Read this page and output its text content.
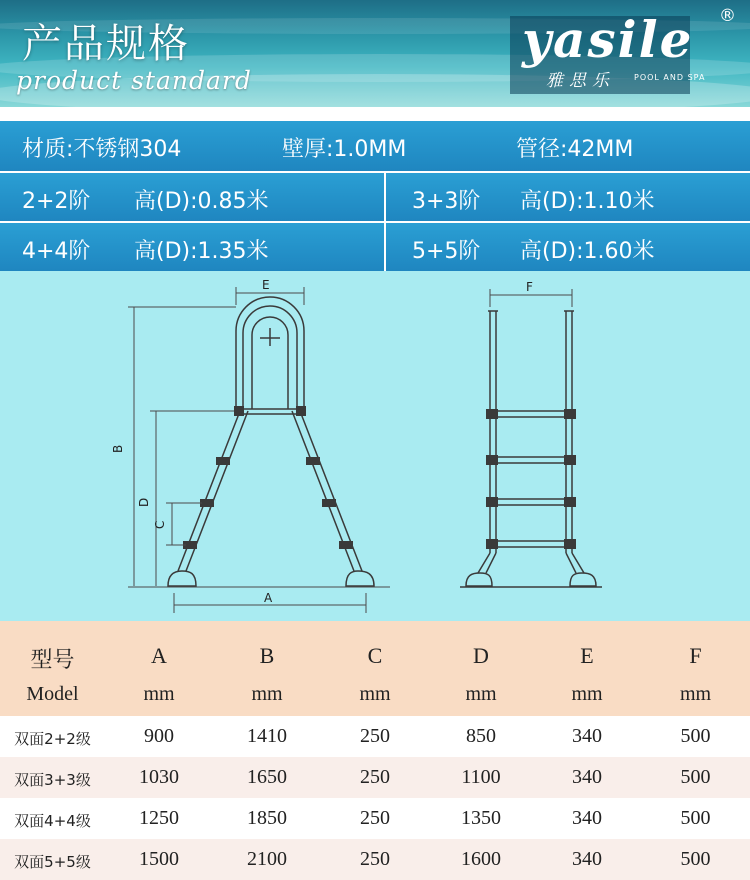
产品规格
product standard
yasile ®
雅思乐 POOL AND SPA
材质:不锈钢304	壁厚:1.0MM	管径:42MM
2+2阶 高(D):0.85米	3+3阶 高(D):1.10米
4+4阶 高(D):1.35米	5+5阶 高(D):1.60米
E	F
A
B
D
C
型号	A	B	C	D	E	F
Model	mm	mm	mm	mm	mm	mm
双面2+2级	900	1410	250	850	340	500
双面3+3级	1030	1650	250	1100	340	500
双面4+4级	1250	1850	250	1350	340	500
双面5+5级	1500	2100	250	1600	340	500
